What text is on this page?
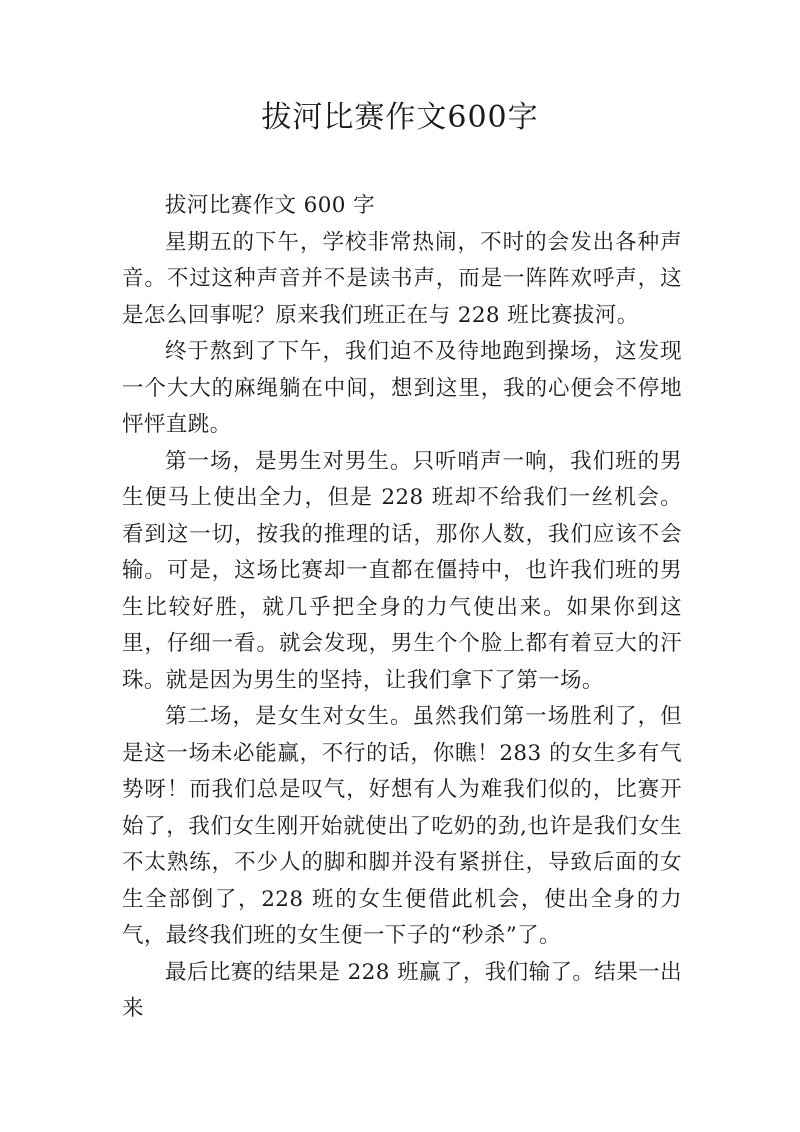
拔河比赛作文600字

拔河比赛作文 600 字

星期五的下午，学校非常热闹，不时的会发出各种声音。不过这种声音并不是读书声，而是一阵阵欢呼声，这是怎么回事呢？原来我们班正在与 228 班比赛拔河。

终于熬到了下午，我们迫不及待地跑到操场，这发现一个大大的麻绳躺在中间，想到这里，我的心便会不停地怦怦直跳。

第一场，是男生对男生。只听哨声一响，我们班的男生便马上使出全力，但是 228 班却不给我们一丝机会。看到这一切，按我的推理的话，那你人数，我们应该不会输。可是，这场比赛却一直都在僵持中，也许我们班的男生比较好胜，就几乎把全身的力气使出来。如果你到这里，仔细一看。就会发现，男生个个脸上都有着豆大的汗珠。就是因为男生的坚持，让我们拿下了第一场。

第二场，是女生对女生。虽然我们第一场胜利了，但是这一场未必能赢，不行的话，你瞧！283 的女生多有气势呀！而我们总是叹气，好想有人为难我们似的，比赛开始了，我们女生刚开始就使出了吃奶的劲,也许是我们女生不太熟练，不少人的脚和脚并没有紧拼住，导致后面的女生全部倒了，228 班的女生便借此机会，使出全身的力气，最终我们班的女生便一下子的“秒杀”了。

最后比赛的结果是 228 班赢了，我们输了。结果一出来
